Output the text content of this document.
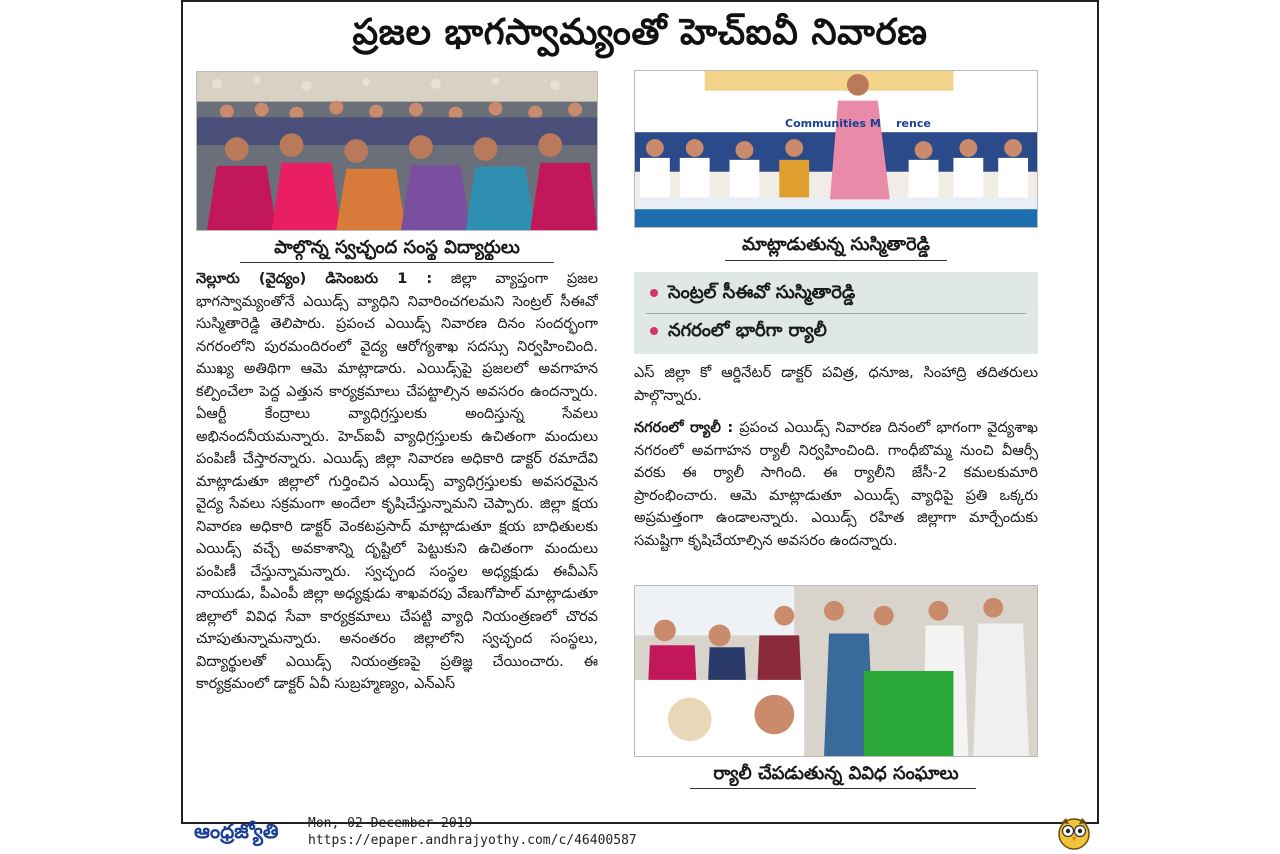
ప్రజల భాగస్వామ్యంతో హెచ్ఐవీ నివారణ
పాల్గొన్న స్వచ్ఛంద సంస్థ విద్యార్థులు
Communities M    rence
మాట్లాడుతున్న సుస్మితారెడ్డి
సెంట్రల్ సీఈవో సుస్మితారెడ్డి
నగరంలో భారీగా ర్యాలీ

నెల్లూరు (వైద్యం) డిసెంబరు 1 : జిల్లా వ్యాప్తంగా ప్రజల భాగస్వామ్యంతోనే ఎయిడ్స్ వ్యాధిని నివారించగలమని సెంట్రల్ సీఈవో సుస్మితారెడ్డి తెలిపారు. ప్రపంచ ఎయిడ్స్ నివారణ దినం సందర్భంగా నగరంలోని పురమందిరంలో వైద్య ఆరోగ్యశాఖ సదస్సు నిర్వహించింది. ముఖ్య అతిథిగా ఆమె మాట్లాడారు. ఎయిడ్స్‌పై ప్రజలలో అవగాహన కల్పించేలా పెద్ద ఎత్తున కార్యక్రమాలు చేపట్టాల్సిన అవసరం ఉందన్నారు. ఏఆర్టీ కేంద్రాలు వ్యాధిగ్రస్తులకు అందిస్తున్న సేవలు అభినందనీయమన్నారు. హెచ్ఐవీ వ్యాధిగ్రస్తులకు ఉచితంగా మందులు పంపిణీ చేస్తారన్నారు. ఎయిడ్స్ జిల్లా నివారణ అధికారి డాక్టర్ రమాదేవి మాట్లాడుతూ జిల్లాలో గుర్తించిన ఎయిడ్స్ వ్యాధిగ్రస్తులకు అవసరమైన వైద్య సేవలు సక్రమంగా అందేలా కృషిచేస్తున్నామని చెప్పారు. జిల్లా క్షయ నివారణ అధికారి డాక్టర్ వెంకటప్రసాద్ మాట్లాడుతూ క్షయ బాధితులకు ఎయిడ్స్ వచ్చే అవకాశాన్ని దృష్టిలో పెట్టుకుని ఉచితంగా మందులు పంపిణీ చేస్తున్నామన్నారు. స్వచ్ఛంద సంస్థల అధ్యక్షుడు ఈవీఎస్ నాయుడు, పీఎంపీ జిల్లా అధ్యక్షుడు శాఖవరపు వేణుగోపాల్ మాట్లాడుతూ జిల్లాలో వివిధ సేవా కార్యక్రమాలు చేపట్టి వ్యాధి నియంత్రణలో చొరవ చూపుతున్నామన్నారు. అనంతరం జిల్లాలోని స్వచ్ఛంద సంస్థలు, విద్యార్థులతో ఎయిడ్స్ నియంత్రణపై ప్రతిజ్ఞ చేయించారు. ఈ కార్యక్రమంలో డాక్టర్ ఏవీ సుబ్రహ్మణ్యం, ఎన్ఎస్

ఎస్ జిల్లా కో ఆర్డినేటర్ డాక్టర్ పవిత్ర, ధనూజ, సింహాద్రి తదితరులు పాల్గొన్నారు.

నగరంలో ర్యాలీ : ప్రపంచ ఎయిడ్స్ నివారణ దినంలో భాగంగా వైద్యశాఖ నగరంలో అవగాహన ర్యాలీ నిర్వహించింది. గాంధీబొమ్మ నుంచి వీఆర్సీ వరకు ఈ ర్యాలీ సాగింది. ఈ ర్యాలీని జేసీ-2 కమలకుమారి ప్రారంభించారు. ఆమె మాట్లాడుతూ ఎయిడ్స్ వ్యాధిపై ప్రతి ఒక్కరు అప్రమత్తంగా ఉండాలన్నారు. ఎయిడ్స్ రహిత జిల్లాగా మార్చేందుకు సమష్టిగా కృషిచేయాల్సిన అవసరం ఉందన్నారు.

ర్యాలీ చేపడుతున్న వివిధ సంఘాలు
ఆంధ్రజ్యోతి Mon, 02 December 2019
https://epaper.andhrajyothy.com/c/46400587
